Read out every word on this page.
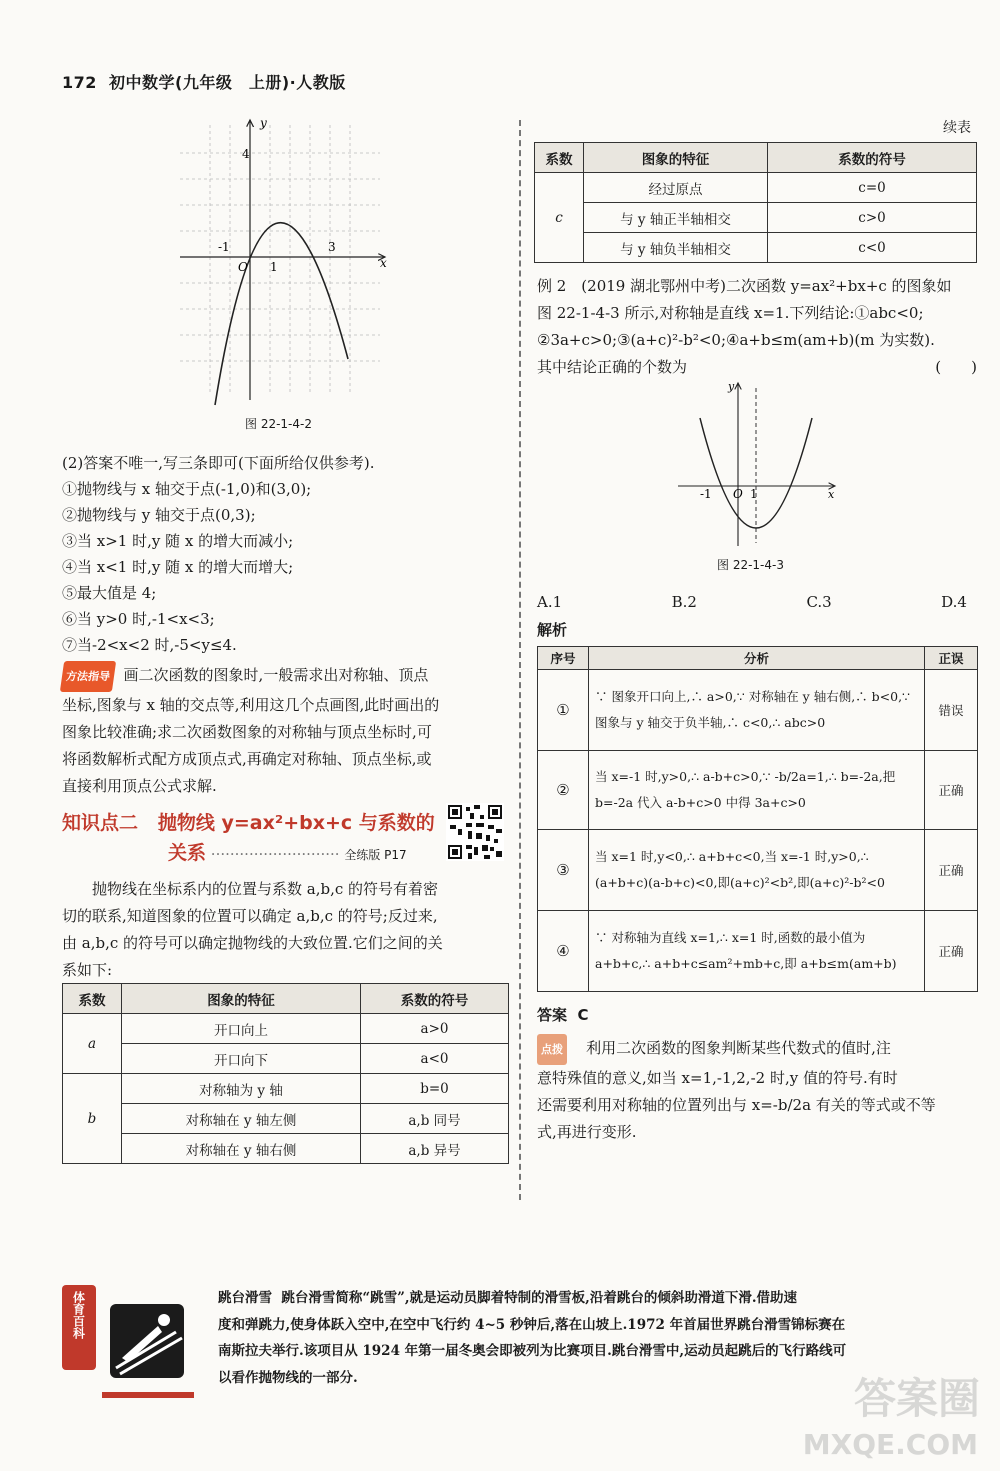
172 初中数学(九年级　上册)·人教版
y
x
4
-1
O 1
3
图 22-1-4-2
(2)答案不唯一,写三条即可(下面所给仅供参考).
①抛物线与 x 轴交于点(-1,0)和(3,0);
②抛物线与 y 轴交于点(0,3);
③当 x>1 时,y 随 x 的增大而减小;
④当 x<1 时,y 随 x 的增大而增大;
⑤最大值是 4;
⑥当 y>0 时,-1<x<3;
⑦当-2<x<2 时,-5<y≤4.
方法指导 画二次函数的图象时,一般需求出对称轴、顶点
坐标,图象与 x 轴的交点等,利用这几个点画图,此时画出的
图象比较准确;求二次函数图象的对称轴与顶点坐标时,可
将函数解析式配方成顶点式,再确定对称轴、顶点坐标,或
直接利用顶点公式求解.
知识点二 抛物线 y=ax²+bx+c 与系数的
关系 ··························· 全练版 P17
抛物线在坐标系内的位置与系数 a,b,c 的符号有着密
切的联系,知道图象的位置可以确定 a,b,c 的符号;反过来,
由 a,b,c 的符号可以确定抛物线的大致位置.它们之间的关
系如下:
系数	图象的特征	系数的符号
a	开口向上	a>0
	开口向下	a<0
b	对称轴为 y 轴	b=0
	对称轴在 y 轴左侧	a,b 同号
	对称轴在 y 轴右侧	a,b 异号
续表
系数	图象的特征	系数的符号
c	经过原点	c=0
	与 y 轴正半轴相交	c>0
	与 y 轴负半轴相交	c<0
例 2　(2019 湖北鄂州中考)二次函数 y=ax²+bx+c 的图象如
图 22-1-4-3 所示,对称轴是直线 x=1.下列结论:①abc<0;
②3a+c>0;③(a+c)²-b²<0;④a+b≤m(am+b)(m 为实数).
其中结论正确的个数为	(　　)
y
x
-1 O 1
图 22-1-4-3
A.1	B.2	C.3	D.4
解析
序号	分析	正误
①	∵ 图象开口向上,∴ a>0,∵ 对称轴在 y 轴右侧,∴ b<0,∵ 图象与 y 轴交于负半轴,∴ c<0,∴ abc>0	错误
②	当 x=-1 时,y>0,∴ a-b+c>0,∵ -b/2a=1,∴ b=-2a,把 b=-2a 代入 a-b+c>0 中得 3a+c>0	正确
③	当 x=1 时,y<0,∴ a+b+c<0,当 x=-1 时,y>0,∴ (a+b+c)(a-b+c)<0,即(a+c)²<b²,即(a+c)²-b²<0	正确
④	∵ 对称轴为直线 x=1,∴ x=1 时,函数的最小值为 a+b+c,∴ a+b+c≤am²+mb+c,即 a+b≤m(am+b)	正确
答案 C
点拨 利用二次函数的图象判断某些代数式的值时,注
意特殊值的意义,如当 x=1,-1,2,-2 时,y 值的符号.有时
还需要利用对称轴的位置列出与 x=-b/2a 有关的等式或不等
式,再进行变形.
体育百科	跳台滑雪 跳台滑雪简称“跳雪”,就是运动员脚着特制的滑雪板,沿着跳台的倾斜助滑道下滑.借助速
度和弹跳力,使身体跃入空中,在空中飞行约 4~5 秒钟后,落在山坡上.1972 年首届世界跳台滑雪锦标赛在
南斯拉夫举行.该项目从 1924 年第一届冬奥会即被列为比赛项目.跳台滑雪中,运动员起跳后的飞行路线可
以看作抛物线的一部分.	答案圈
MXQE.COM
